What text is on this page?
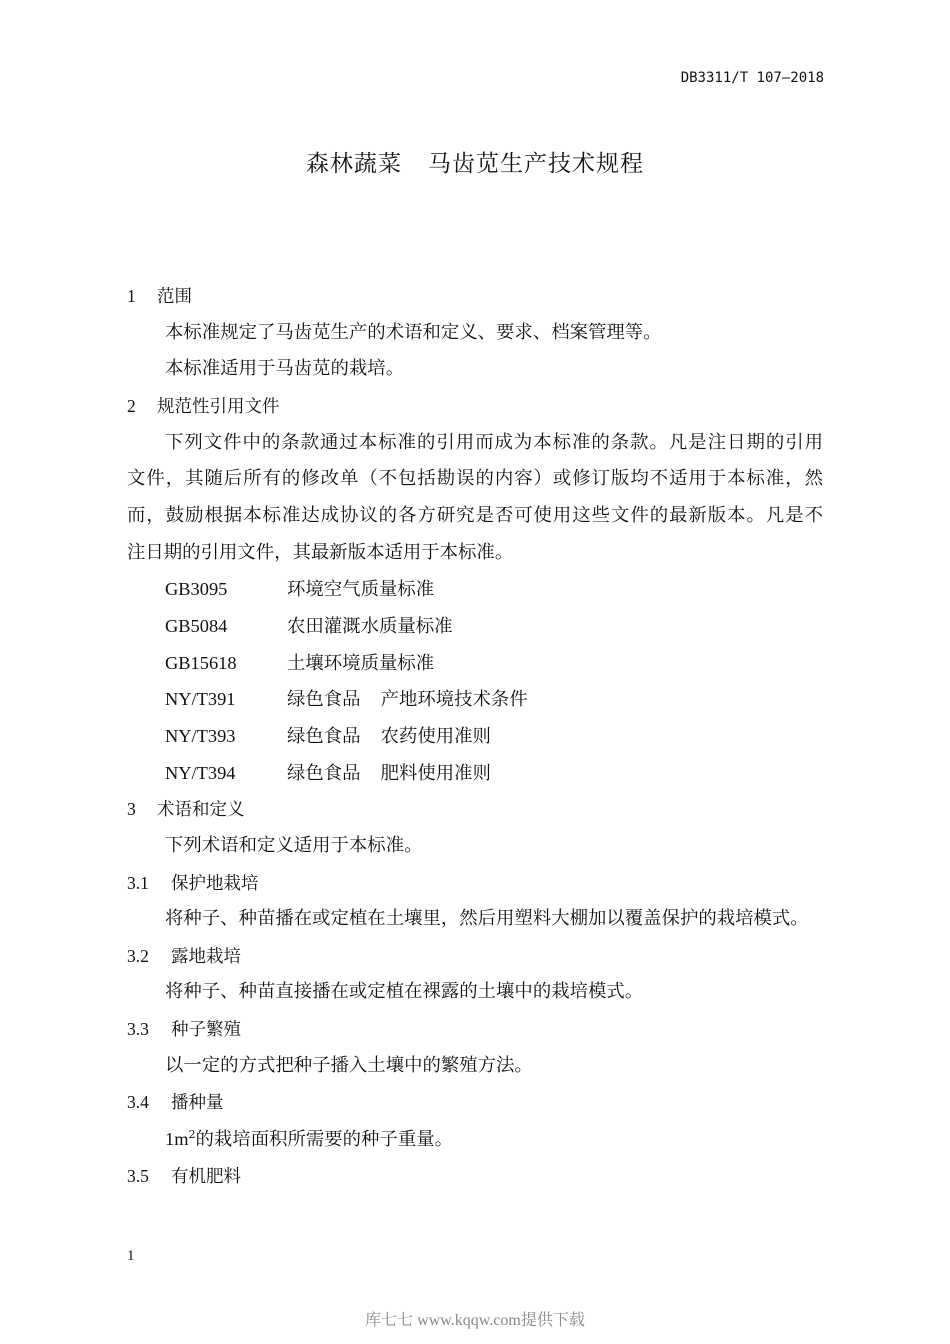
DB3311/T 107—2018
森林蔬菜 马齿苋生产技术规程
1 范围
本标准规定了马齿苋生产的术语和定义、要求、档案管理等。
本标准适用于马齿苋的栽培。
2 规范性引用文件
下列文件中的条款通过本标准的引用而成为本标准的条款。凡是注日期的引用
文件，其随后所有的修改单（不包括勘误的内容）或修订版均不适用于本标准，然
而，鼓励根据本标准达成协议的各方研究是否可使用这些文件的最新版本。凡是不
注日期的引用文件，其最新版本适用于本标准。
GB3095	环境空气质量标准
GB5084	农田灌溉水质量标准
GB15618	土壤环境质量标准
NY/T391	绿色食品 产地环境技术条件
NY/T393	绿色食品 农药使用准则
NY/T394	绿色食品 肥料使用准则
3 术语和定义
下列术语和定义适用于本标准。
3.1 保护地栽培
将种子、种苗播在或定植在土壤里，然后用塑料大棚加以覆盖保护的栽培模式。
3.2 露地栽培
将种子、种苗直接播在或定植在裸露的土壤中的栽培模式。
3.3 种子繁殖
以一定的方式把种子播入土壤中的繁殖方法。
3.4 播种量
$1m^2$的栽培面积所需要的种子重量。
3.5 有机肥料
1
库七七 www.kqqw.com提供下载
